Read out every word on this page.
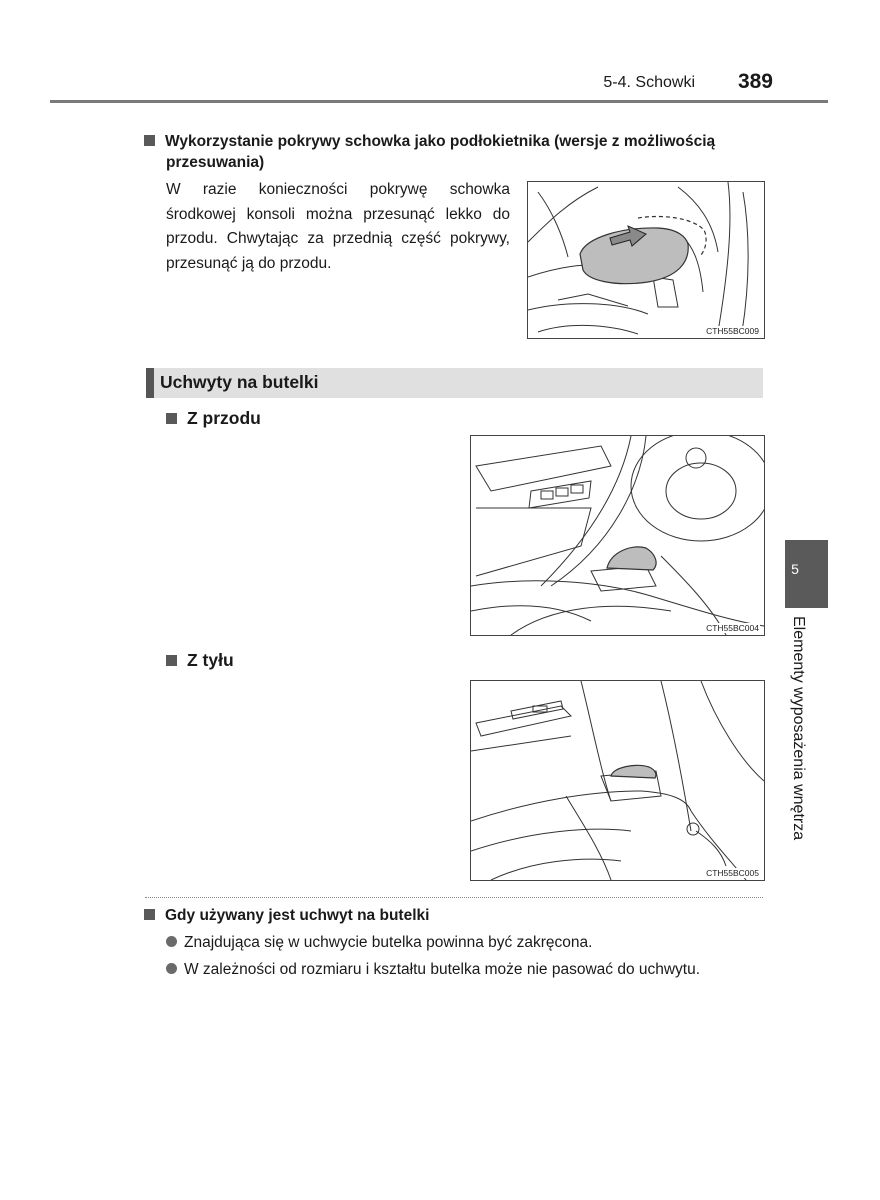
5-4. Schowki 389
5
Elementy wyposażenia wnętrza
Wykorzystanie pokrywy schowka jako podłokietnika (wersje z możliwością
przesuwania)
W razie konieczności pokrywę schowka środkowej konsoli można przesunąć lekko do przodu. Chwytając za przednią część pokrywy, przesunąć ją do przodu.
CTH55BC009
Uchwyty na butelki
Z przodu
CTH55BC004
Z tyłu
CTH55BC005
Gdy używany jest uchwyt na butelki
Znajdująca się w uchwycie butelka powinna być zakręcona.
W zależności od rozmiaru i kształtu butelka może nie pasować do uchwytu.
